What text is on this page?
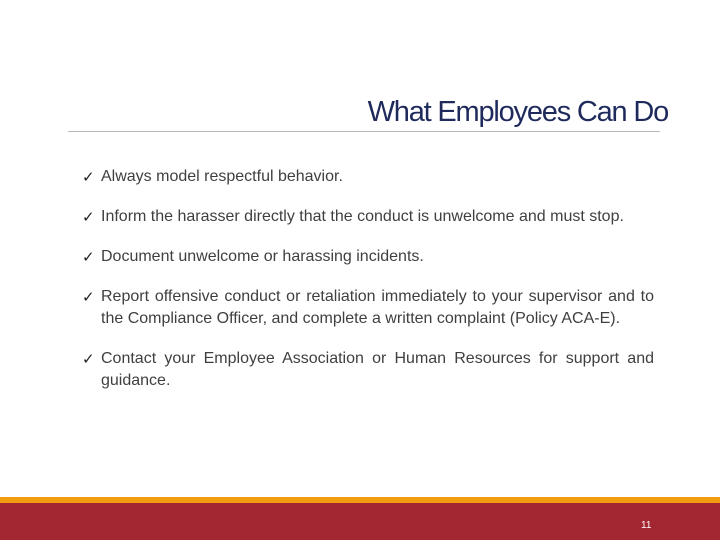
What Employees Can Do
✓ Always model respectful behavior.
✓ Inform the harasser directly that the conduct is unwelcome and must stop.
✓ Document unwelcome or harassing incidents.
✓ Report offensive conduct or retaliation immediately to your supervisor and to the Compliance Officer, and complete a written complaint (Policy ACA-E).
✓ Contact your Employee Association or Human Resources for support and guidance.
11
